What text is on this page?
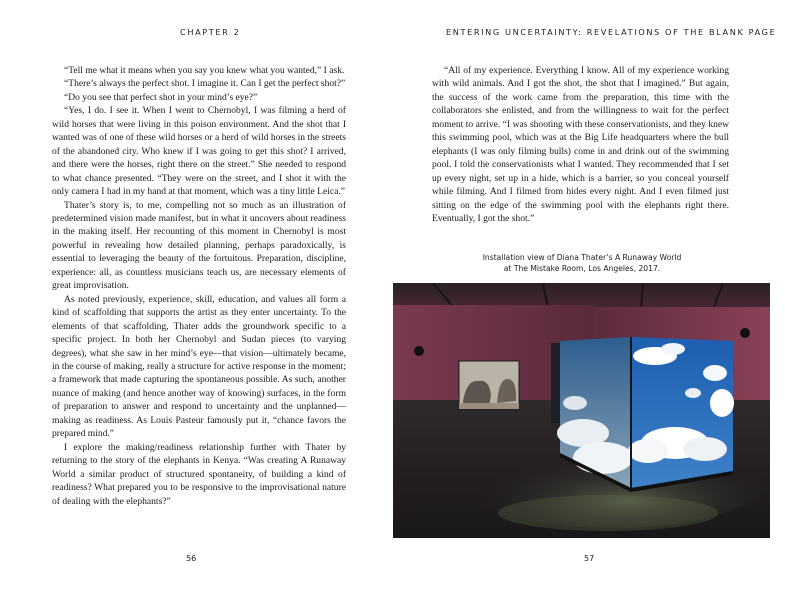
CHAPTER 2

“Tell me what it means when you say you knew what you wanted,” I ask.

“There’s always the perfect shot. I imagine it. Can I get the perfect shot?”

“Do you see that perfect shot in your mind’s eye?”

“Yes, I do. I see it. When I went to Chernobyl, I was filming a herd of wild horses that were living in this poison environment. And the shot that I wanted was of one of these wild horses or a herd of wild horses in the streets of the abandoned city. Who knew if I was going to get this shot? I arrived, and there were the horses, right there on the street.” She needed to respond to what chance presented. “They were on the street, and I shot it with the only camera I had in my hand at that moment, which was a tiny little Leica.”

Thater’s story is, to me, compelling not so much as an illustration of predetermined vision made manifest, but in what it uncovers about readiness in the making itself. Her recounting of this moment in Chernobyl is most powerful in revealing how detailed planning, perhaps paradoxically, is essential to leveraging the beauty of the fortuitous. Preparation, discipline, experience: all, as countless musicians teach us, are necessary elements of great improvisation.

As noted previously, experience, skill, education, and values all form a kind of scaffolding that supports the artist as they enter uncertainty. To the elements of that scaffolding, Thater adds the groundwork specific to a specific project. In both her Chernobyl and Sudan pieces (to varying degrees), what she saw in her mind’s eye—that vision—ultimately became, in the course of making, really a structure for active response in the moment; a framework that made capturing the spontaneous possible. As such, another nuance of making (and hence another way of knowing) surfaces, in the form of preparation to answer and respond to uncertainty and the unplanned—making as readiness. As Louis Pasteur famously put it, “chance favors the prepared mind.”

I explore the making/readiness relationship further with Thater by returning to the story of the elephants in Kenya. “Was creating A Runaway World a similar product of structured spontaneity, of building a kind of readiness? What prepared you to be responsive to the improvisational nature of dealing with the elephants?”

56
ENTERING UNCERTAINTY: REVELATIONS OF THE BLANK PAGE

“All of my experience. Everything I know. All of my experience working with wild animals. And I got the shot, the shot that I imagined.” But again, the success of the work came from the preparation, this time with the collaborators she enlisted, and from the willingness to wait for the perfect moment to arrive. “I was shooting with these conservationists, and they knew this swimming pool, which was at the Big Life headquarters where the bull elephants (I was only filming bulls) come in and drink out of the swimming pool. I told the conservationists what I wanted. They recommended that I set up every night, set up in a hide, which is a barrier, so you conceal yourself while filming. And I filmed from hides every night. And I even filmed just sitting on the edge of the swimming pool with the elephants right there. Eventually, I got the shot.”

Installation view of Diana Thater’s A Runaway World
at The Mistake Room, Los Angeles, 2017.
57
